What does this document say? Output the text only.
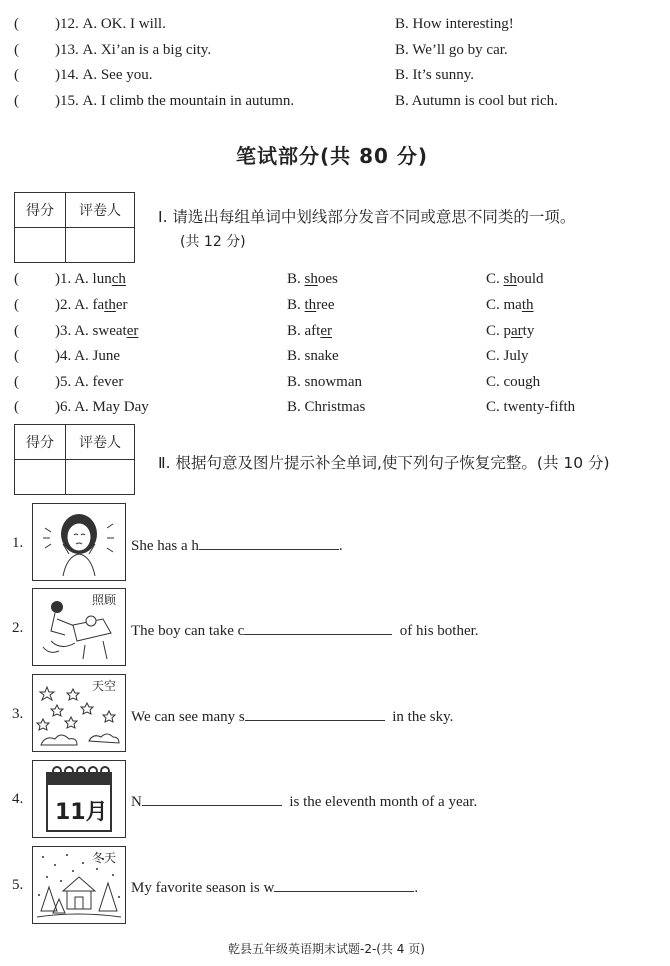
( )12. A. OK. I will.	B. How interesting!
( )13. A. Xi’an is a big city.	B. We’ll go by car.
( )14. A. See you.	B. It’s sunny.
( )15. A. I climb the mountain in autumn.	B. Autumn is cool but rich.
笔试部分(共 80 分)
得分	评卷人
	Ⅰ. 请选出每组单词中划线部分发音不同或意思不同类的一项。
(共 12 分)
( )1. A. lunch	B. shoes	C. should
( )2. A. father	B. three	C. math
( )3. A. sweater	B. after	C. party
( )4. A. June	B. snake	C. July
( )5. A. fever	B. snowman	C. cough
( )6. A. May Day	B. Christmas	C. twenty-fifth
得分	评卷人

Ⅱ. 根据句意及图片提示补全单词,使下列句子恢复完整。(共 10 分)
1.	She has a h	.
2.
照顾
The boy can take c	of his bother.
3.
天空
We can see many s	in the sky.
4.
11月 N	is the eleventh month of a year.
5.
冬天
My favorite season is w	.
乾县五年级英语期末试题-2-(共 4 页)
